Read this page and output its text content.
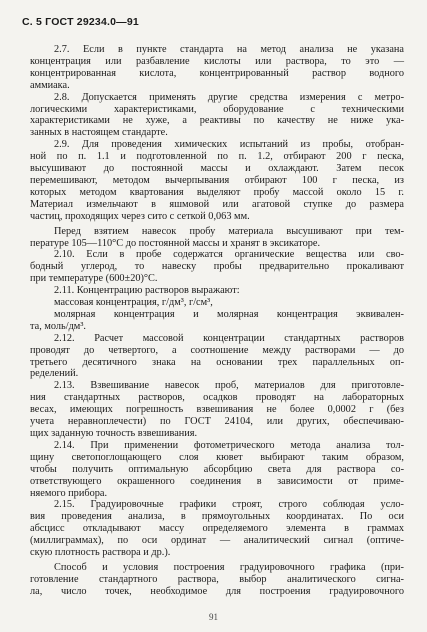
С. 5 ГОСТ 29234.0—91
2.7. Если в пункте стандарта на метод анализа не указана
концентрация или разбавление кислоты или раствора, то это —
концентрированная кислота, концентрированный раствор водного
аммиака.
2.8. Допускается применять другие средства измерения с метро-
логическими характеристиками, оборудование с техническими
характеристиками не хуже, а реактивы по качеству не ниже ука-
занных в настоящем стандарте.
2.9. Для проведения химических испытаний из пробы, отобран-
ной по п. 1.1 и подготовленной по п. 1.2, отбирают 200 г песка,
высушивают до постоянной массы и охлаждают. Затем песок
перемешивают, методом вычерпывания отбирают 100 г песка, из
которых методом квартования выделяют пробу массой около 15 г.
Материал измельчают в яшмовой или агатовой ступке до размера
частиц, проходящих через сито с сеткой 0,063 мм.
Перед взятием навесок пробу материала высушивают при тем-
пературе 105—110°С до постоянной массы и хранят в эксикаторе.
2.10. Если в пробе содержатся органические вещества или сво-
бодный углерод, то навеску пробы предварительно прокаливают
при температуре (600±20)°С.
2.11. Концентрацию растворов выражают:
массовая концентрация, г/дм³, г/см³,
молярная концентрация и молярная концентрация эквивален-
та, моль/дм³.
2.12. Расчет массовой концентрации стандартных растворов
проводят до четвертого, а соотношение между растворами — до
третьего десятичного знака на основании трех параллельных оп-
ределений.
2.13. Взвешивание навесок проб, материалов для приготовле-
ния стандартных растворов, осадков проводят на лабораторных
весах, имеющих погрешность взвешивания не более 0,0002 г (без
учета неравноплечести) по ГОСТ 24104, или других, обеспечиваю-
щих заданную точность взвешивания.
2.14. При применении фотометрического метода анализа тол-
щину светопоглощающего слоя кювет выбирают таким образом,
чтобы получить оптимальную абсорбцию света для раствора со-
ответствующего окрашенного соединения в зависимости от приме-
няемого прибора.
2.15. Градуировочные графики строят, строго соблюдая усло-
вия проведения анализа, в прямоугольных координатах. По оси
абсцисс откладывают массу определяемого элемента в граммах
(миллиграммах), по оси ординат — аналитический сигнал (оптиче-
скую плотность раствора и др.).
Способ и условия построения градуировочного графика (при-
готовление стандартного раствора, выбор аналитического сигна-
ла, число точек, необходимое для построения градуировочного
91
